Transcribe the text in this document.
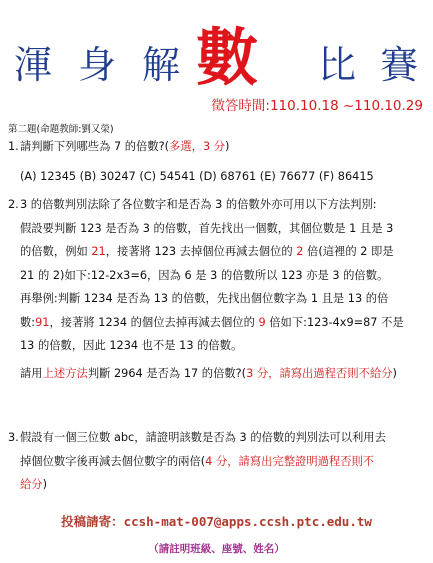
渾 身 解 數 比 賽
徵答時間:110.10.18 ~110.10.29
第二題(命題教師:劉又榮)
1. 請判斷下列哪些為 7 的倍數?(多選，3 分)
(A) 12345 (B) 30247 (C) 54541 (D) 68761 (E) 76677 (F) 86415
2. 3 的倍數判別法除了各位數字和是否為 3 的倍數外亦可用以下方法判別:
假設要判斷 123 是否為 3 的倍數，首先找出一個數，其個位數是 1 且是 3
的倍數，例如 21，接著將 123 去掉個位再減去個位的 2 倍(這裡的 2 即是
21 的 2)如下:12-2x3=6，因為 6 是 3 的倍數所以 123 亦是 3 的倍數。
再舉例:判斷 1234 是否為 13 的倍數，先找出個位數字為 1 且是 13 的倍
數:91，接著將 1234 的個位去掉再減去個位的 9 倍如下:123-4x9=87 不是
13 的倍數，因此 1234 也不是 13 的倍數。
請用上述方法判斷 2964 是否為 17 的倍數?(3 分，請寫出過程否則不給分)
3. 假設有一個三位數 abc，請證明該數是否為 3 的倍數的判別法可以利用去
掉個位數字後再減去個位數字的兩倍(4 分，請寫出完整證明過程否則不
給分)
投稿請寄：ccsh-mat-007@apps.ccsh.ptc.edu.tw
（請註明班級、座號、姓名）
